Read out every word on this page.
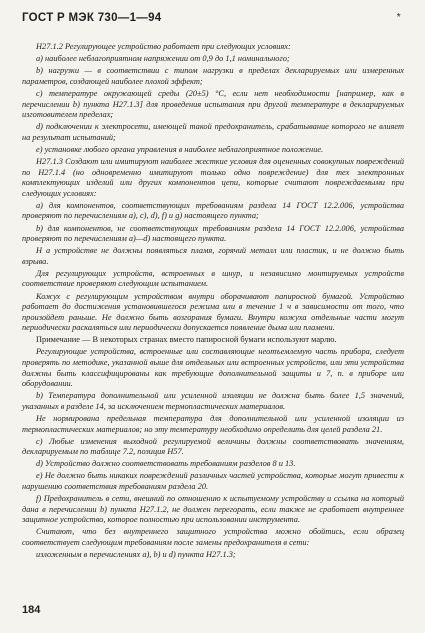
ГОСТ Р МЭК 730—1—94	*

H27.1.2 Регулирующее устройство работает при следующих условиях:

а) наиболее неблагоприятном напряжении от 0,9 до 1,1 номинального;

b) нагрузки — в соответствии с типом нагрузки в пределах декларируемых или измеренных параметров, создающей наиболее плохой эффект;

с) температуре окружающей среды (20±5) °С, если нет необходимости [например, как в перечислении b) пункта H27.1.3] для проведения испытания при другой температуре в декларируемых изготовителем пределах;

d) подключении к электросети, имеющей такой предохранитель, срабатывание которого не влияет на результат испытаний;

е) установке любого органа управления в наиболее неблагоприятное положение.

H27.1.3 Создают или имитируют наиболее жесткие условия для оцененных совокупных повреждений по H27.1.4 (но одновременно имитируют только одно повреждение) для тех электронных комплектующих изделий или других компонентов цепи, которые считают повреждаемыми при следующих условиях:

а) для компонентов, соответствующих требованиям раздела 14 ГОСТ 12.2.006, устройства проверяют по перечислениям а), с), d), f) и g) настоящего пункта;

b) для компонентов, не соответствующих требованиям раздела 14 ГОСТ 12.2.006, устройства проверяют по перечислениям а)—d) настоящего пункта.

Н а устройстве не должны появляться пламя, горячий металл или пластик, и не должно быть взрыва.

Для регулирующих устройств, встроенных в шнур, и независимо монтируемых устройств соответствие проверяют следующим испытанием.

Кожух с регулирующим устройством внутри оборачивают папиросной бумагой. Устройство работает до достижения установившегося режима или в течение 1 ч в зависимости от того, что произойдет раньше. Не должно быть возгорания бумаги. Внутри кожуха отдельные части могут периодически раскаляться или периодически допускается появление дыма или пламени.

Примечание — В некоторых странах вместо папиросной бумаги используют марлю.

Регулирующие устройства, встроенные или составляющие неотъемлемую часть прибора, следует проверять по методике, указанной выше для отдельных или встроенных устройств, или эти устройства должны быть классифицированы как требующие дополнительной защиты и 7, п. в приборе или оборудовании.

b) Температура дополнительной или усиленной изоляции не должна быть более 1,5 значений, указанных в разделе 14, за исключением термопластических материалов.

Не нормирована предельная температура для дополнительной или усиленной изоляции из термопластических материалов; но эту температуру необходимо определить для целей раздела 21.

с) Любые изменения выходной регулируемой величины должны соответствовать значениям, декларируемым по таблице 7.2, позиция H57.

d) Устройство должно соответствовать требованиям разделов 8 и 13.

е) Не должно быть никаких повреждений различных частей устройства, которые могут привести к нарушению соответствия требованиям раздела 20.

f) Предохранитель в сети, внешний по отношению к испытуемому устройству и ссылка на который дана в перечислении b) пункта H27.1.2, не должен перегорать, если также не сработает внутреннее защитное устройство, которое полностью при использовании инструмента.

Считают, что без внутреннего защитного устройства можно обойтись, если образец соответствует следующим требованиям после замены предохранителя в сети:

изложенным в перечислениях а), b) и d) пункта H27.1.3;

184
